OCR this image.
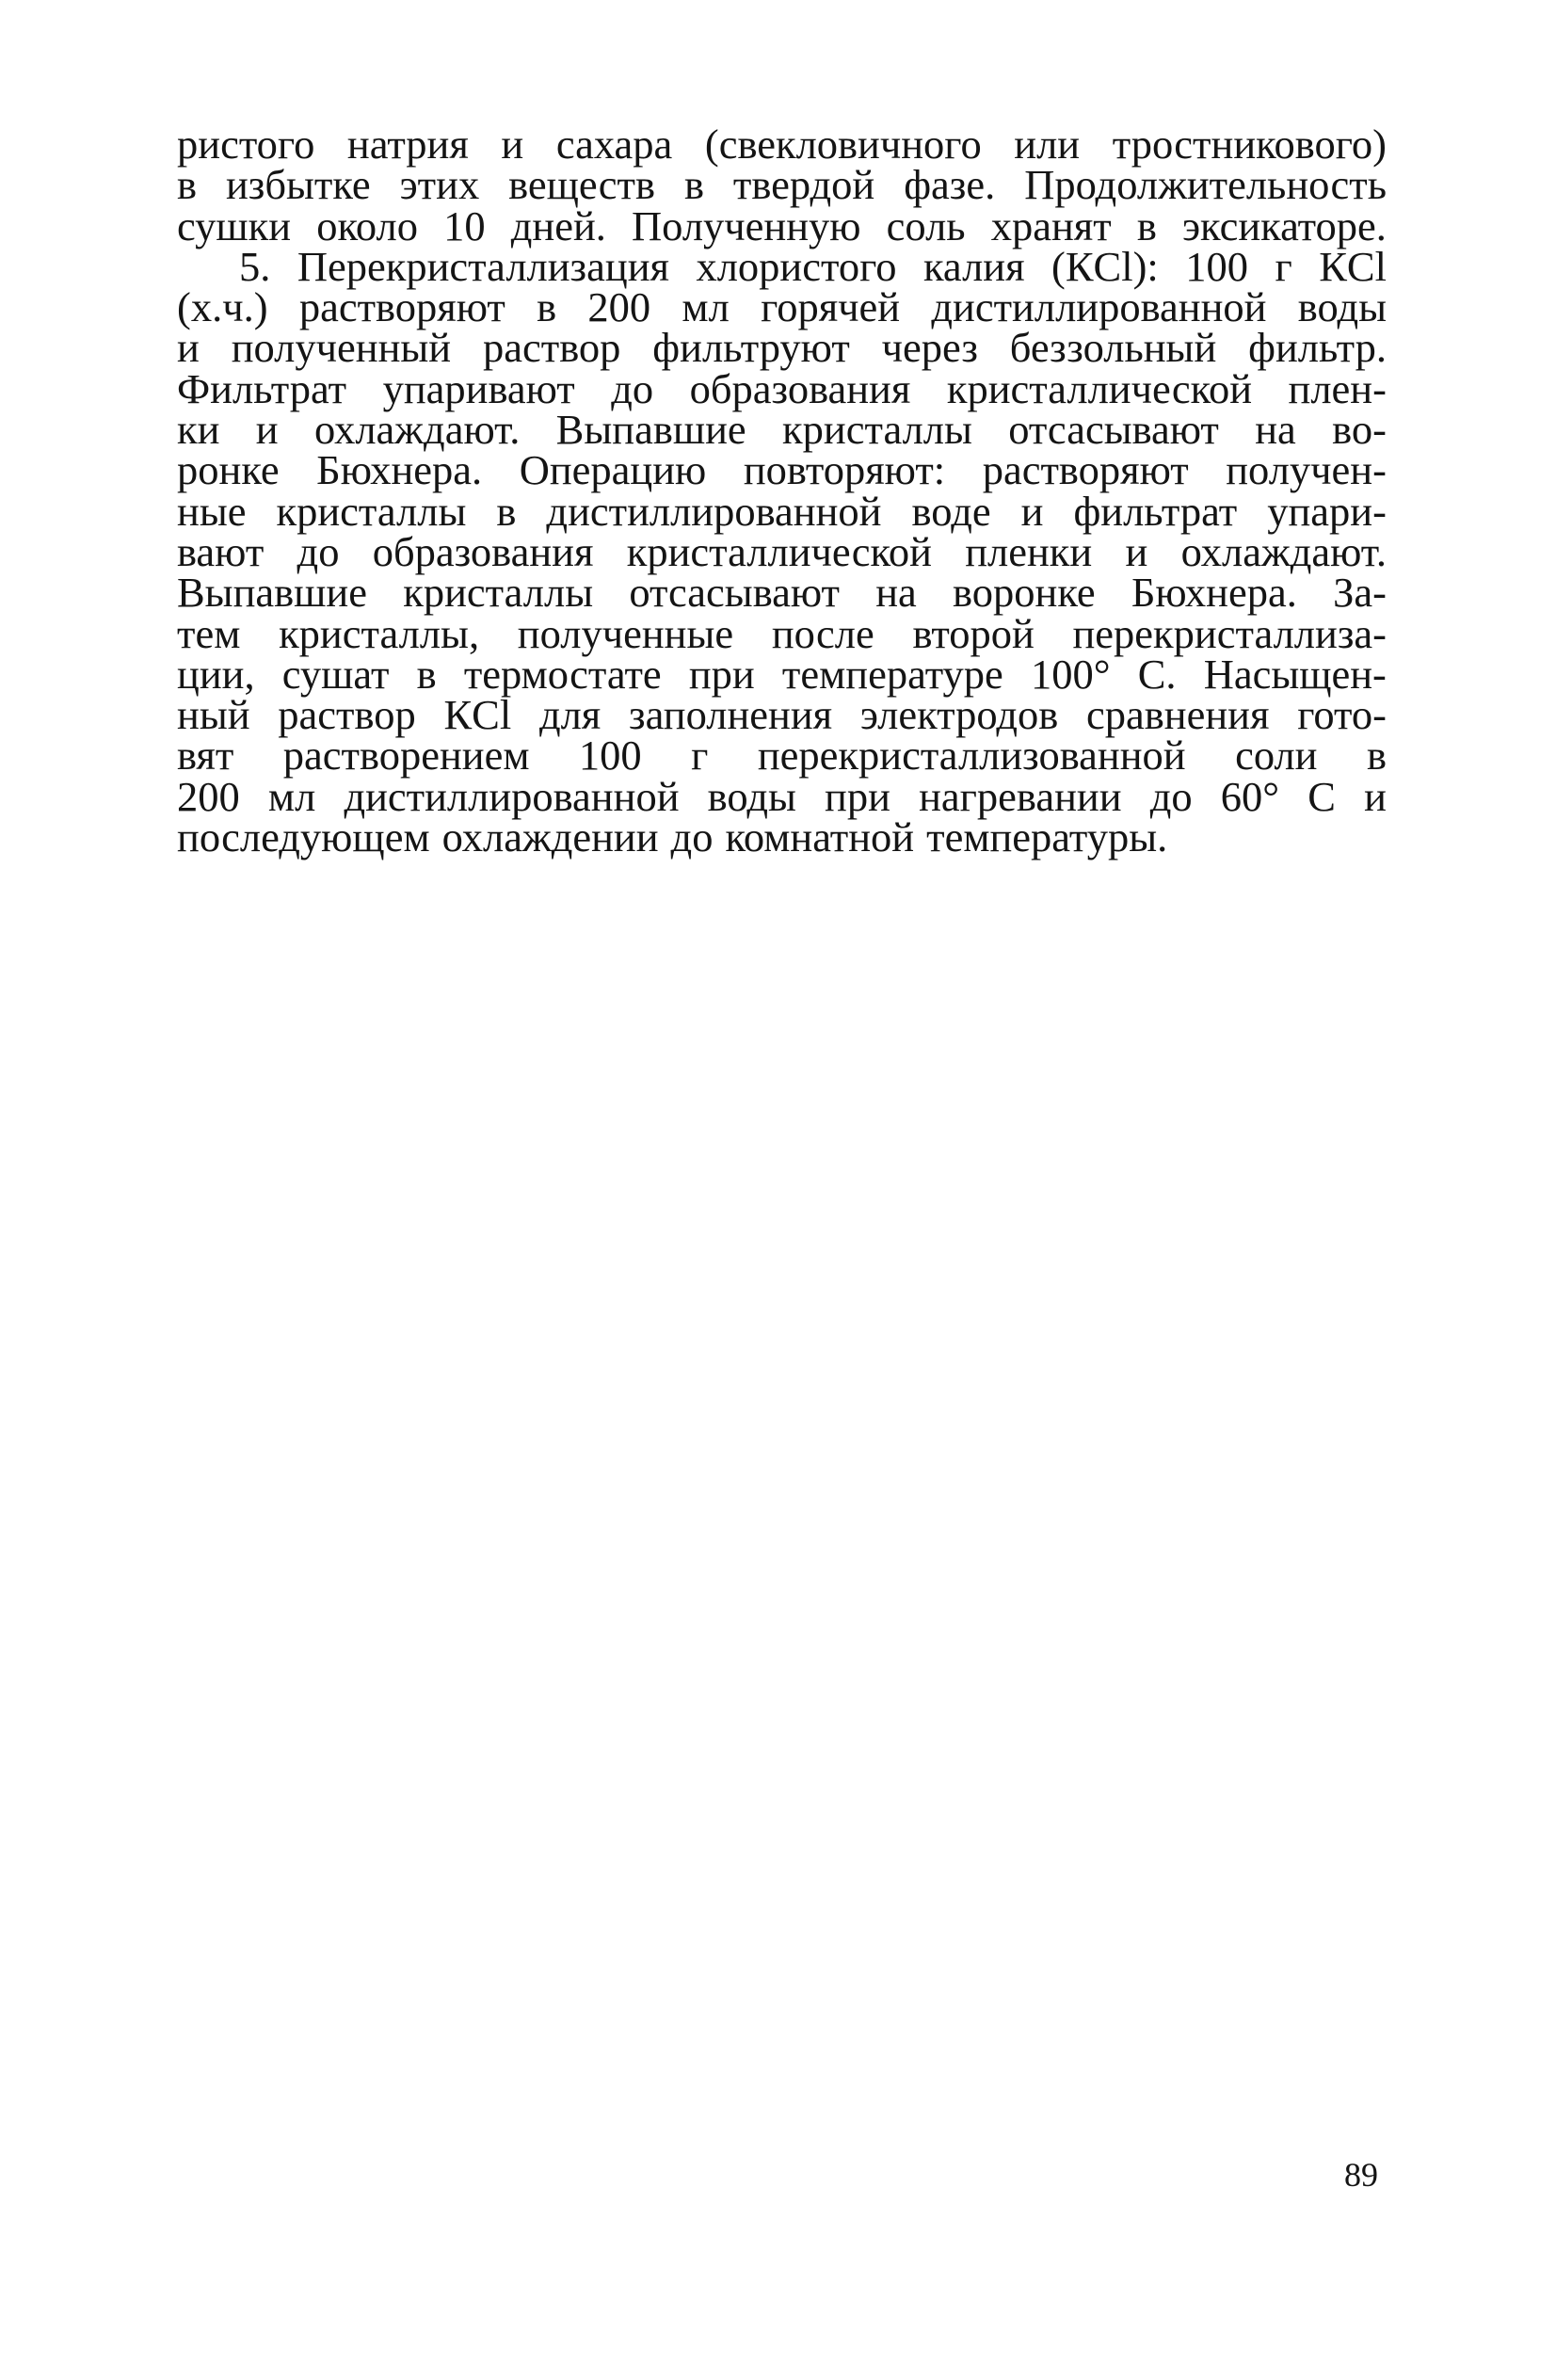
ристого натрия и сахара (свекловичного или тростникового)
в избытке этих веществ в твердой фазе. Продолжительность
сушки около 10 дней. Полученную соль хранят в эксикаторе.
5. Перекристаллизация хлористого калия (КCl): 100 г КCl
(х.ч.) растворяют в 200 мл горячей дистиллированной воды
и полученный раствор фильтруют через беззольный фильтр.
Фильтрат упаривают до образования кристаллической плен-
ки и охлаждают. Выпавшие кристаллы отсасывают на во-
ронке Бюхнера. Операцию повторяют: растворяют получен-
ные кристаллы в дистиллированной воде и фильтрат упари-
вают до образования кристаллической пленки и охлаждают.
Выпавшие кристаллы отсасывают на воронке Бюхнера. За-
тем кристаллы, полученные после второй перекристаллиза-
ции, сушат в термостате при температуре 100° С. Насыщен-
ный раствор КCl для заполнения электродов сравнения гото-
вят растворением 100 г перекристаллизованной соли в
200 мл дистиллированной воды при нагревании до 60° С и
последующем охлаждении до комнатной температуры.
89
